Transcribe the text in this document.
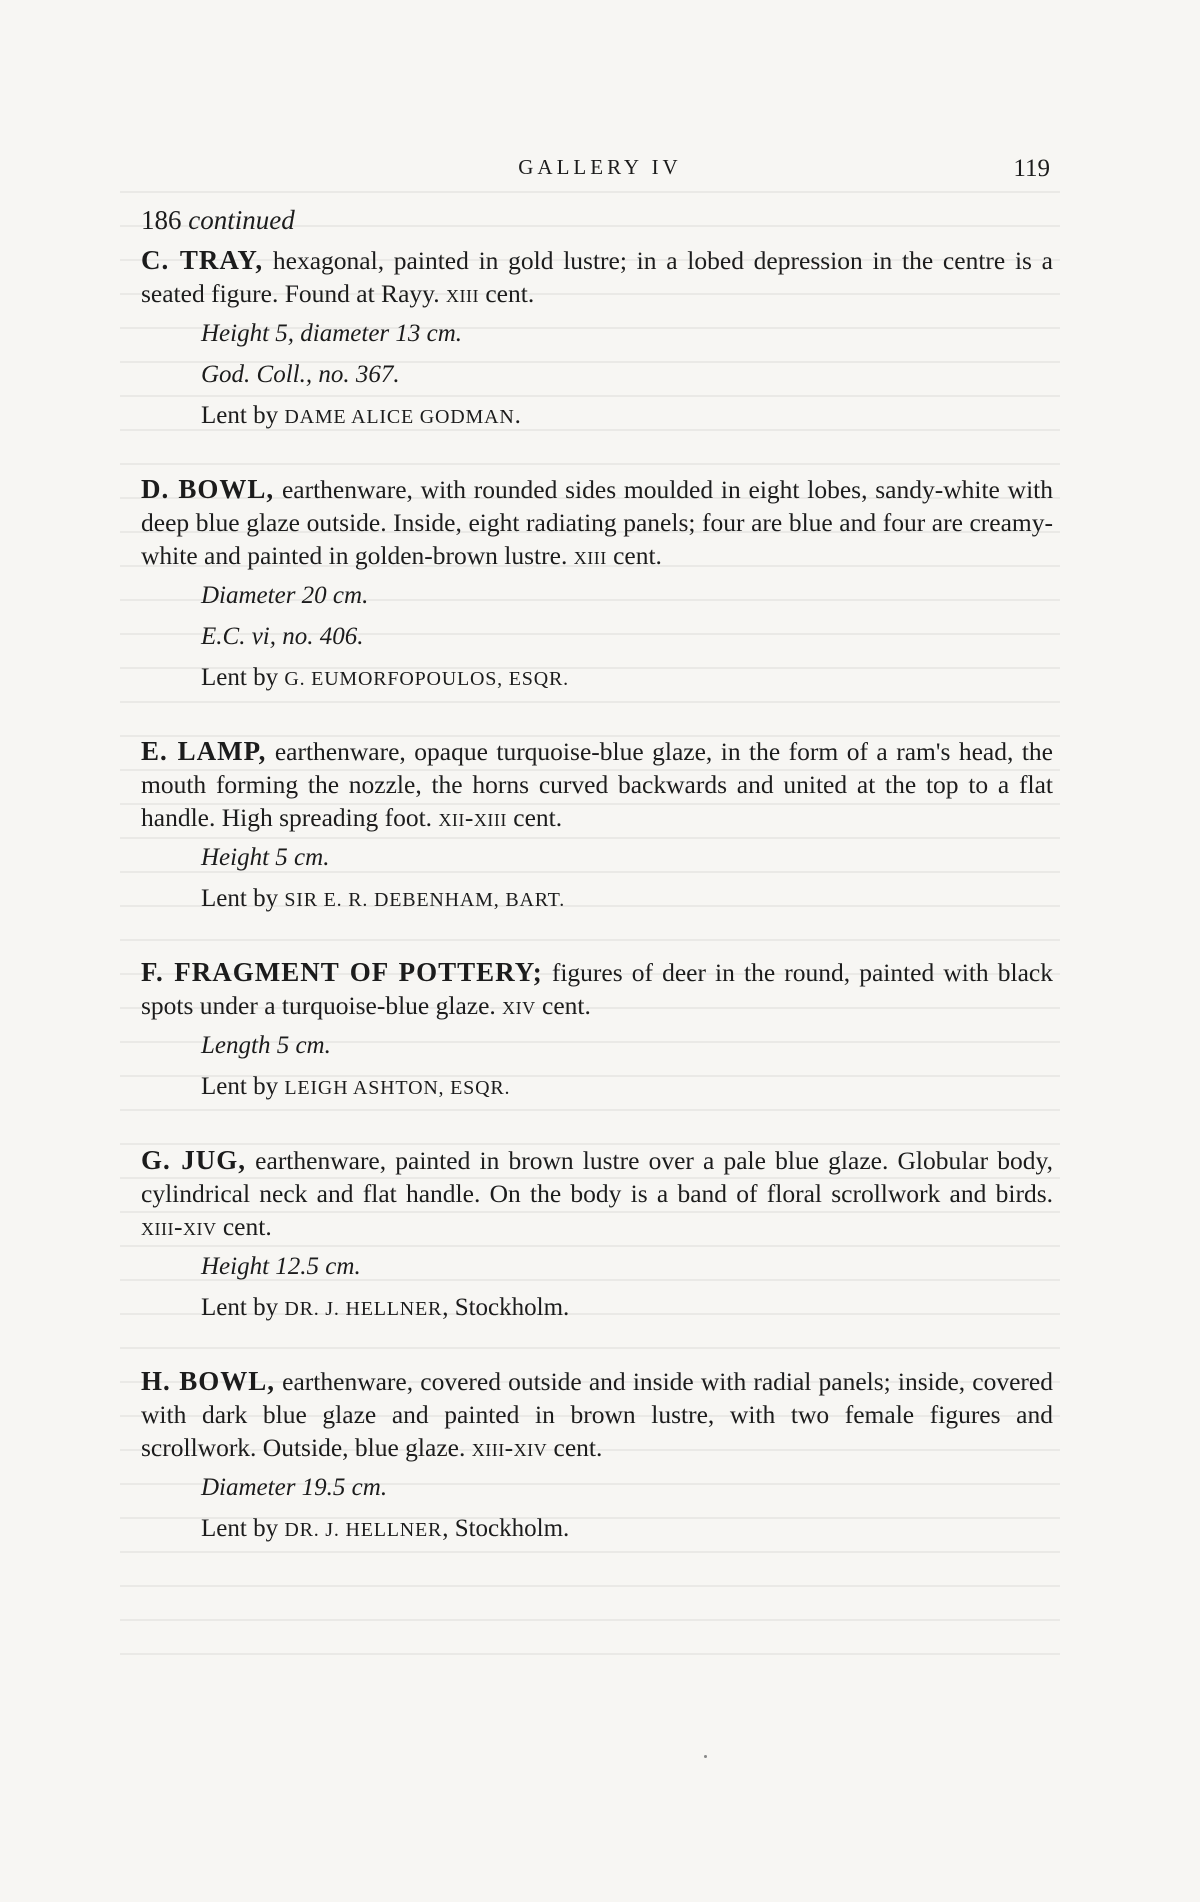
GALLERY IV	119

186 continued

C. TRAY, hexagonal, painted in gold lustre; in a lobed depression in the centre is a seated figure. Found at Rayy. xiii cent.

Height 5, diameter 13 cm.
God. Coll., no. 367.
Lent by DAME ALICE GODMAN.

D. BOWL, earthenware, with rounded sides moulded in eight lobes, sandy-white with deep blue glaze outside. Inside, eight radiating panels; four are blue and four are creamy-white and painted in golden-brown lustre. xiii cent.

Diameter 20 cm.
E.C. vi, no. 406.
Lent by G. EUMORFOPOULOS, ESQR.

E. LAMP, earthenware, opaque turquoise-blue glaze, in the form of a ram's head, the mouth forming the nozzle, the horns curved backwards and united at the top to a flat handle. High spreading foot. xii-xiii cent.

Height 5 cm.
Lent by SIR E. R. DEBENHAM, BART.

F. FRAGMENT OF POTTERY; figures of deer in the round, painted with black spots under a turquoise-blue glaze. xiv cent.

Length 5 cm.
Lent by LEIGH ASHTON, ESQR.

G. JUG, earthenware, painted in brown lustre over a pale blue glaze. Globular body, cylindrical neck and flat handle. On the body is a band of floral scrollwork and birds. xiii-xiv cent.

Height 12.5 cm.
Lent by DR. J. HELLNER, Stockholm.

H. BOWL, earthenware, covered outside and inside with radial panels; inside, covered with dark blue glaze and painted in brown lustre, with two female figures and scrollwork. Outside, blue glaze. xiii-xiv cent.

Diameter 19.5 cm.
Lent by DR. J. HELLNER, Stockholm.
